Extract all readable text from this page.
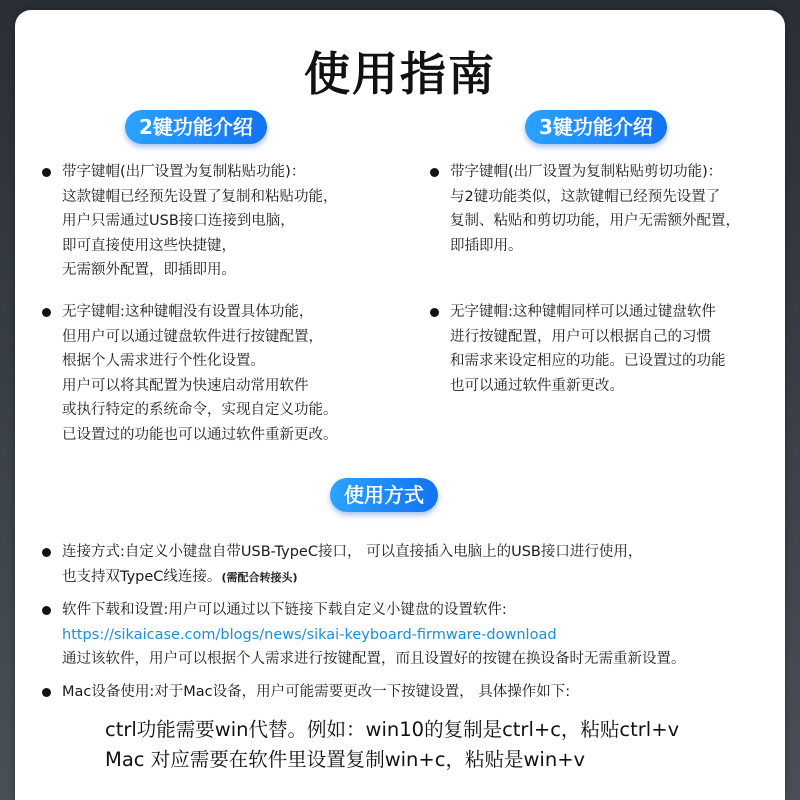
使用指南
2键功能介绍	3键功能介绍
带字键帽(出厂设置为复制粘贴功能)：
这款键帽已经预先设置了复制和粘贴功能，
用户只需通过USB接口连接到电脑，
即可直接使用这些快捷键，
无需额外配置，即插即用。
无字键帽:这种键帽没有设置具体功能，
但用户可以通过键盘软件进行按键配置，
根据个人需求进行个性化设置。
用户可以将其配置为快速启动常用软件
或执行特定的系统命令，实现自定义功能。
已设置过的功能也可以通过软件重新更改。
带字键帽(出厂设置为复制粘贴剪切功能)：
与2键功能类似，这款键帽已经预先设置了
复制、粘贴和剪切功能，用户无需额外配置，
即插即用。
无字键帽:这种键帽同样可以通过键盘软件
进行按键配置，用户可以根据自己的习惯
和需求来设定相应的功能。已设置过的功能
也可以通过软件重新更改。
使用方式
连接方式:自定义小键盘自带USB-TypeC接口， 可以直接插入电脑上的USB接口进行使用，
也支持双TypeC线连接。(需配合转接头)
软件下载和设置:用户可以通过以下链接下载自定义小键盘的设置软件:
https://sikaicase.com/blogs/news/sikai-keyboard-firmware-download
通过该软件，用户可以根据个人需求进行按键配置，而且设置好的按键在换设备时无需重新设置。
Mac设备使用:对于Mac设备，用户可能需要更改一下按键设置， 具体操作如下:
ctrl功能需要win代替。例如：win10的复制是ctrl+c，粘贴ctrl+v
Mac 对应需要在软件里设置复制win+c，粘贴是win+v
